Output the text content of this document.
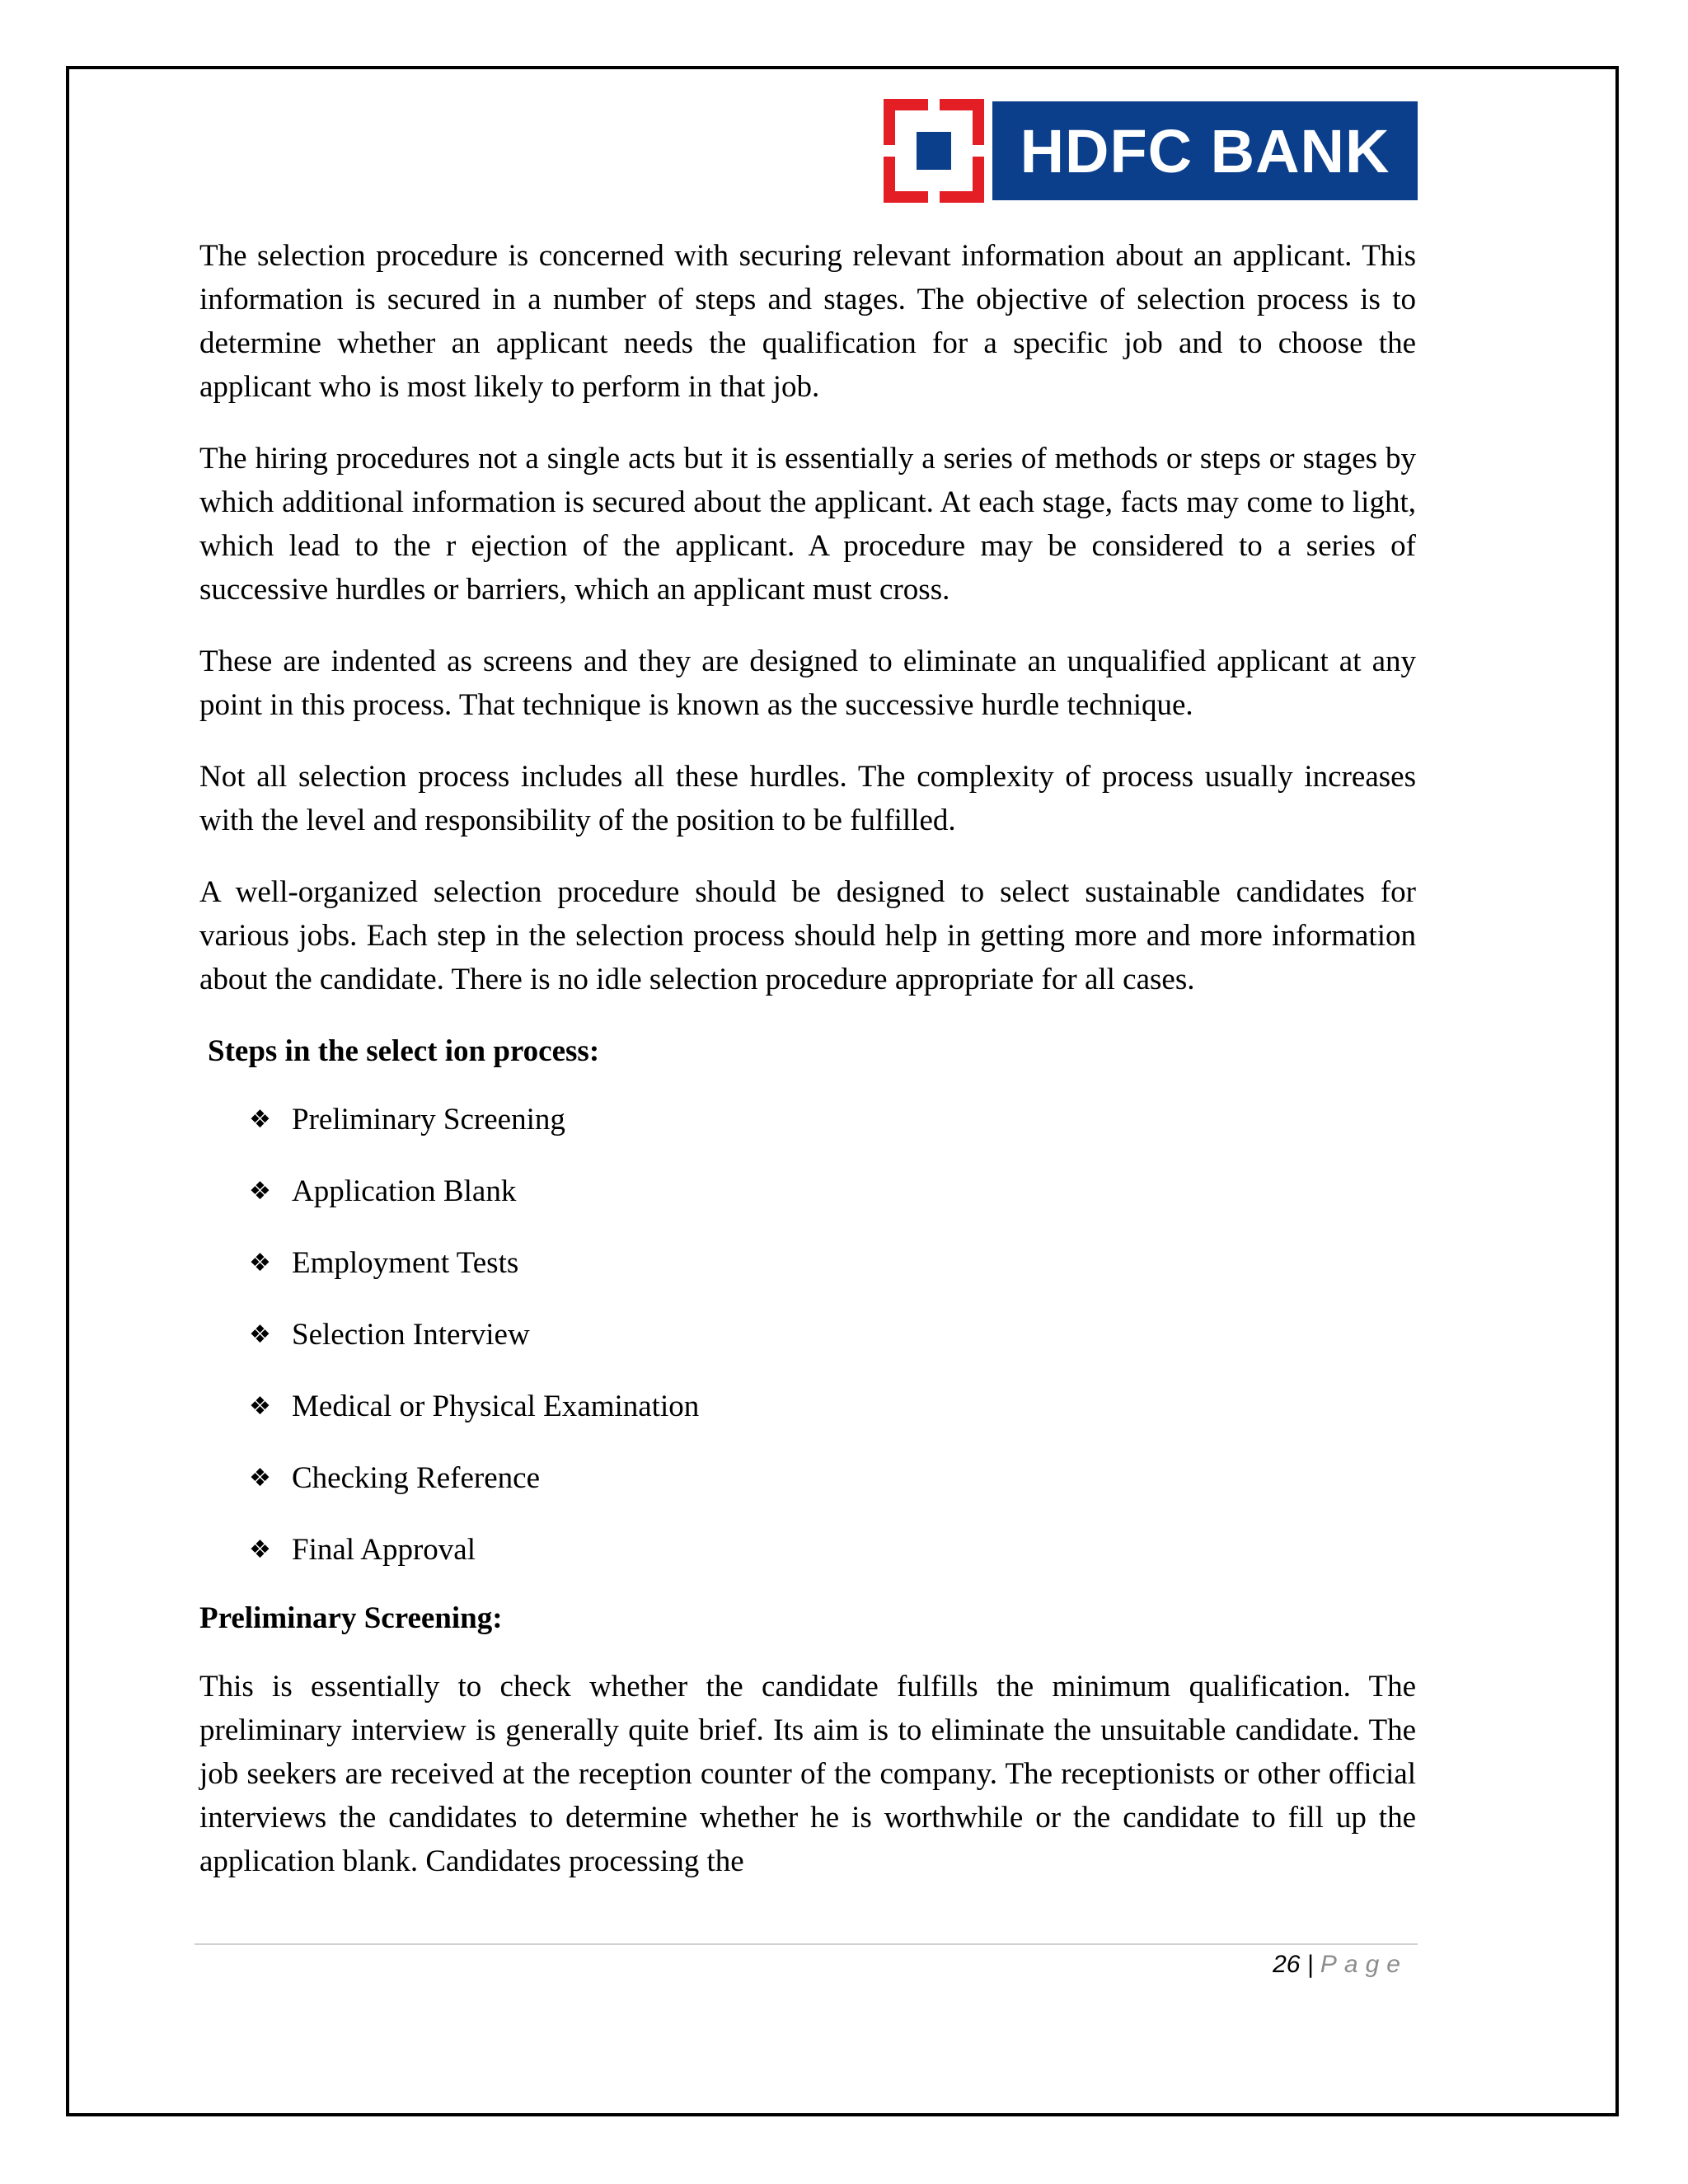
HDFC BANK

The selection procedure is concerned with securing relevant information about an applicant. This information is secured in a number of steps and stages. The objective of selection process is to determine whether an applicant needs the qualification for a specific job and to choose the applicant who is most likely to perform in that job.

The hiring procedures not a single acts but it is essentially a series of methods or steps or stages by which additional information is secured about the applicant. At each stage, facts may come to light, which lead to the r ejection of the applicant. A procedure may be considered to a series of successive hurdles or barriers, which an applicant must cross.

These are indented as screens and they are designed to eliminate an unqualified applicant at any point in this process. That technique is known as the successive hurdle technique.

Not all selection process includes all these hurdles. The complexity of process usually increases with the level and responsibility of the position to be fulfilled.

A well-organized selection procedure should be designed to select sustainable candidates for various jobs. Each step in the selection process should help in getting more and more information about the candidate. There is no idle selection procedure appropriate for all cases.

Steps in the select ion process:

❖ Preliminary Screening
❖ Application Blank
❖ Employment Tests
❖ Selection Interview
❖ Medical or Physical Examination
❖ Checking Reference
❖ Final Approval

Preliminary Screening:

This is essentially to check whether the candidate fulfills the minimum qualification. The preliminary interview is generally quite brief. Its aim is to eliminate the unsuitable candidate. The job seekers are received at the reception counter of the company. The receptionists or other official interviews the candidates to determine whether he is worthwhile or the candidate to fill up the application blank. Candidates processing the

26 | Page
